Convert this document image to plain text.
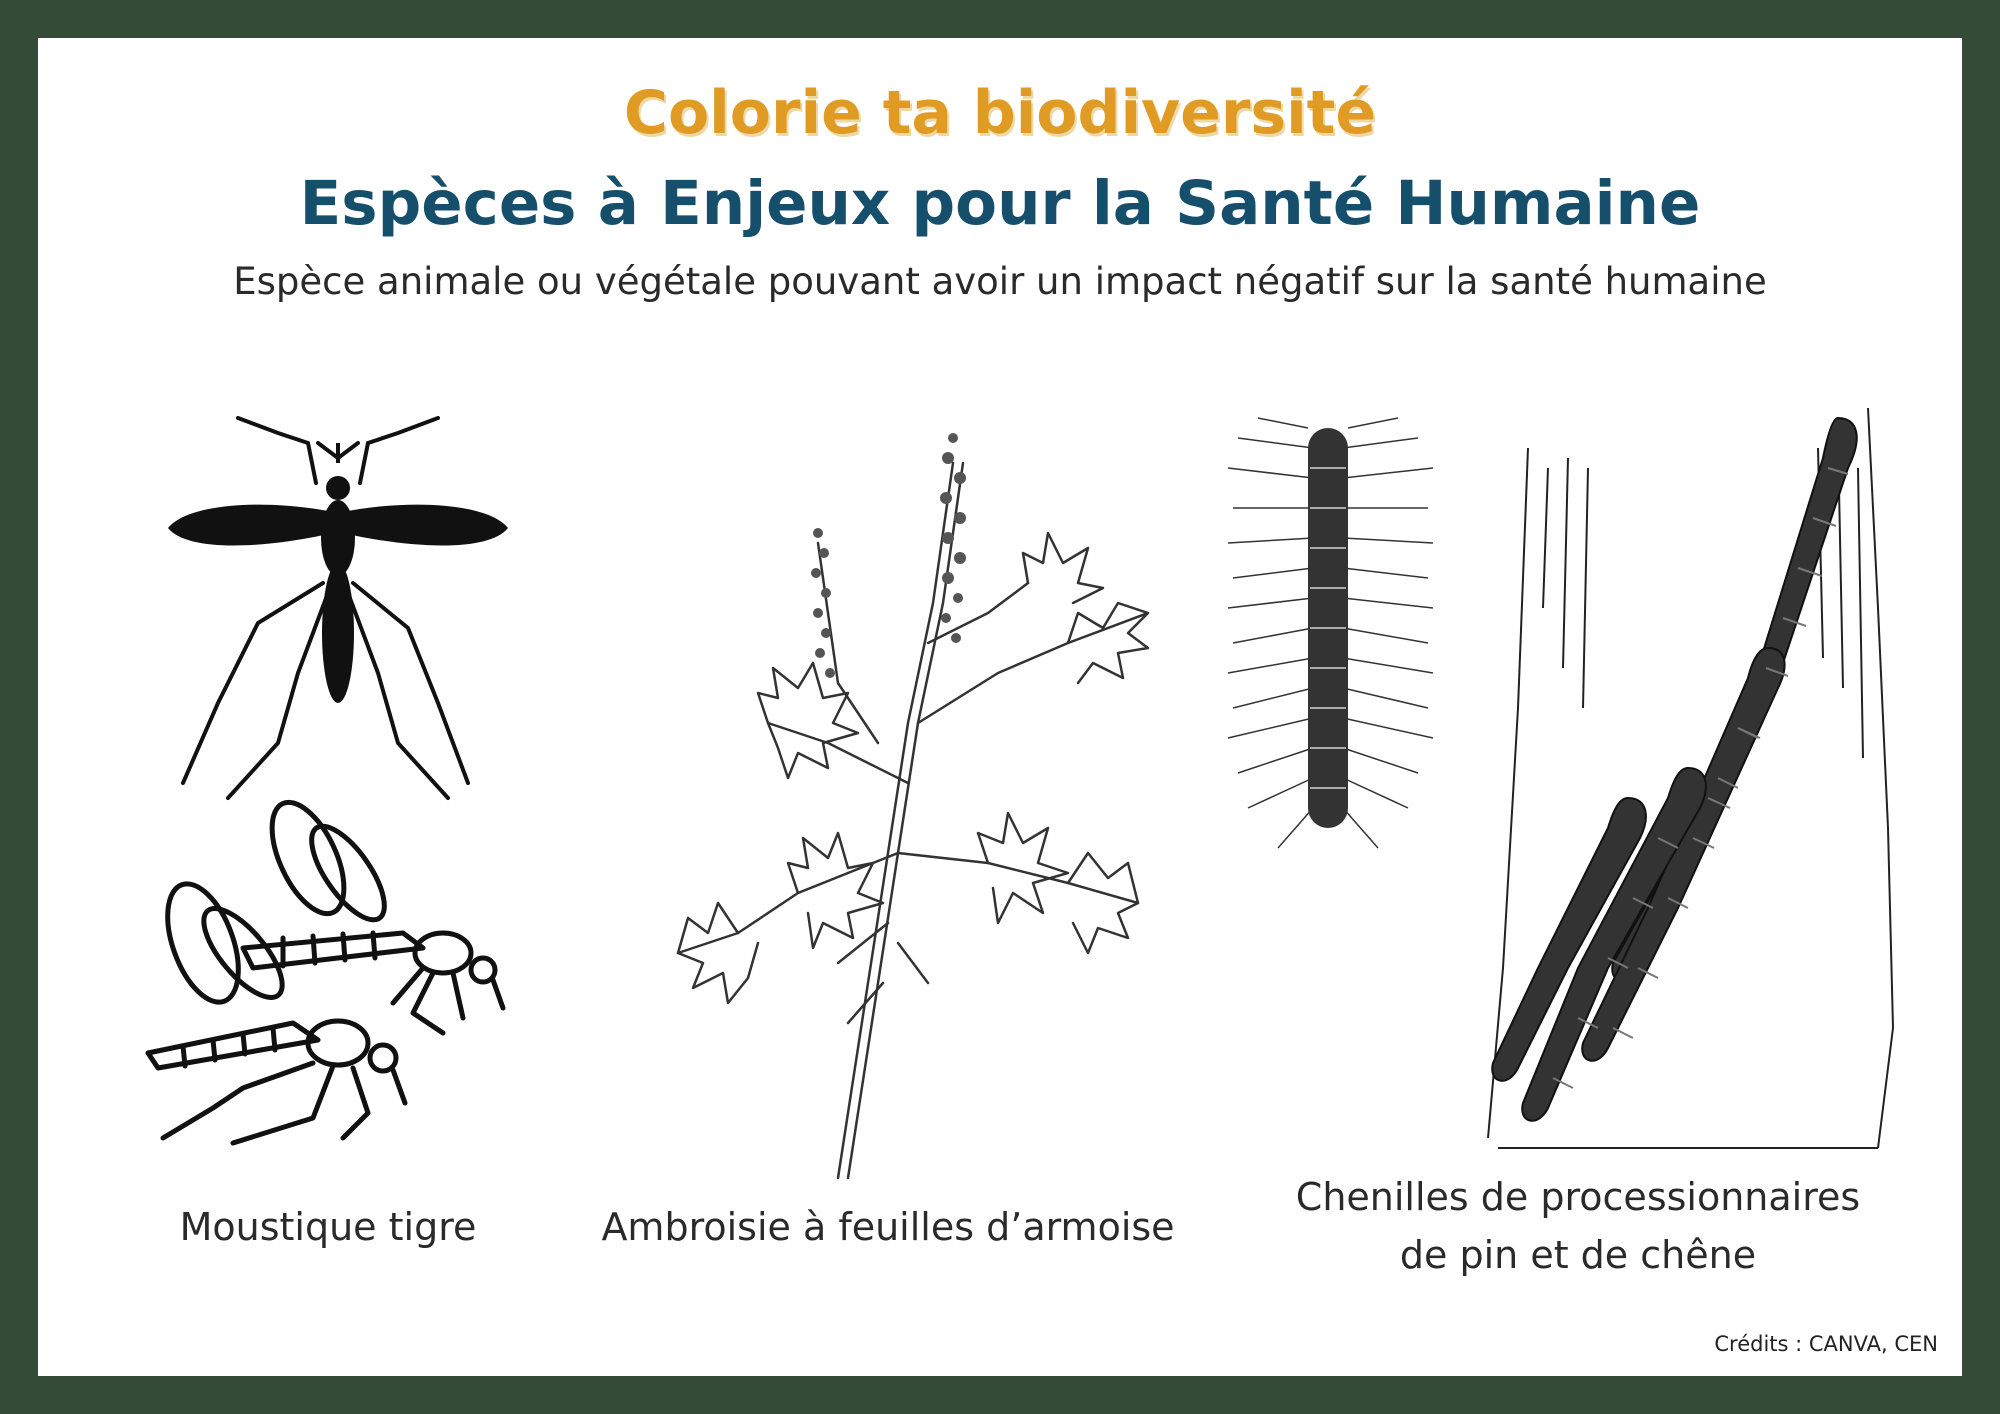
Colorie ta biodiversité
Espèces à Enjeux pour la Santé Humaine
Espèce animale ou végétale pouvant avoir un impact négatif sur la santé humaine
Moustique tigre	Ambroisie à feuilles d’armoise
Chenilles de processionnaires
de pin et de chêne
Crédits : CANVA, CEN
